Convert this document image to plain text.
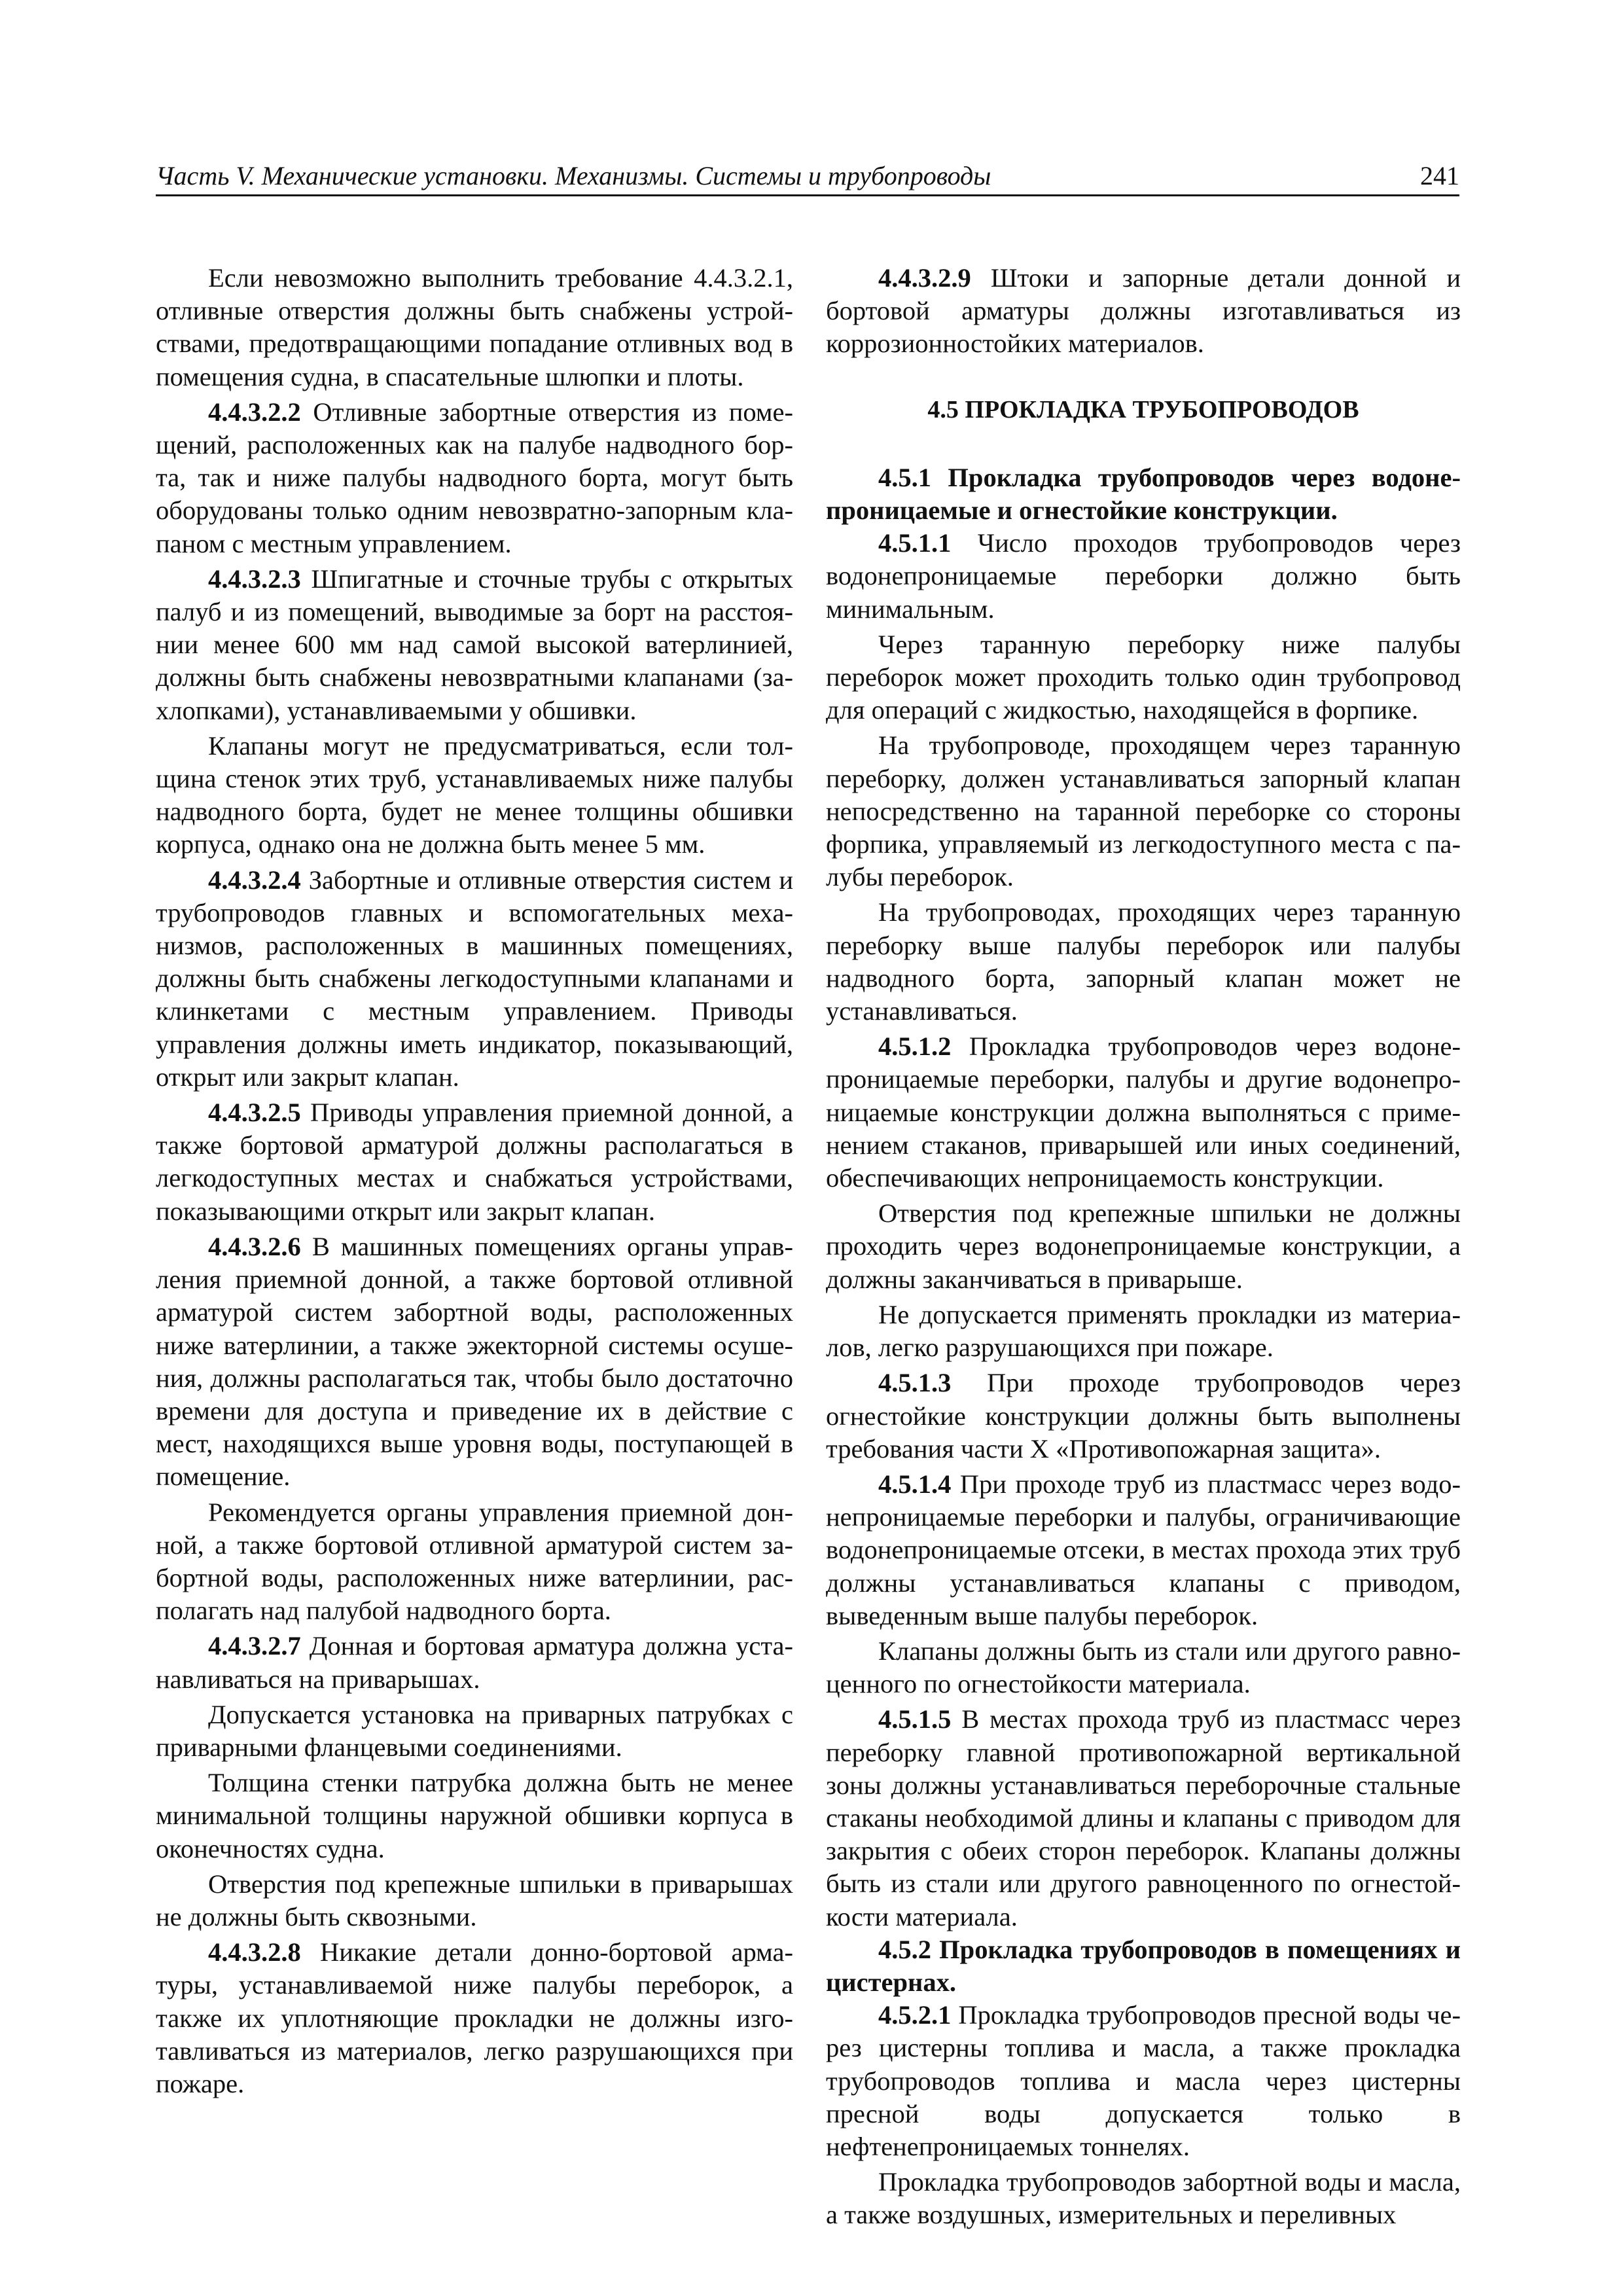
Часть V. Механические установки. Механизмы. Системы и трубопроводы	241

Если невозможно выполнить требование 4.4.3.2.1, отливные отверстия должны быть снабжены устройствами, предотвращающими попадание отливных вод в помещения судна, в спасательные шлюпки и плоты.

4.4.3.2.2 Отливные забортные отверстия из помещений, расположенных как на палубе надводного борта, так и ниже палубы надводного борта, могут быть оборудованы только одним невозвратно-запорным клапаном с местным управлением.

4.4.3.2.3 Шпигатные и сточные трубы с открытых палуб и из помещений, выводимые за борт на расстоянии менее 600 мм над самой высокой ватерлинией, должны быть снабжены невозвратными клапанами (захлопками), устанавливаемыми у обшивки.

Клапаны могут не предусматриваться, если толщина стенок этих труб, устанавливаемых ниже палубы надводного борта, будет не менее толщины обшивки корпуса, однако она не должна быть менее 5 мм.

4.4.3.2.4 Забортные и отливные отверстия систем и трубопроводов главных и вспомогательных механизмов, расположенных в машинных помещениях, должны быть снабжены легкодоступными клапанами и клинкетами с местным управлением. Приводы управления должны иметь индикатор, показывающий, открыт или закрыт клапан.

4.4.3.2.5 Приводы управления приемной донной, а также бортовой арматурой должны располагаться в легкодоступных местах и снабжаться устройствами, показывающими открыт или закрыт клапан.

4.4.3.2.6 В машинных помещениях органы управления приемной донной, а также бортовой отливной арматурой систем забортной воды, расположенных ниже ватерлинии, а также эжекторной системы осушения, должны располагаться так, чтобы было достаточно времени для доступа и приведение их в действие с мест, находящихся выше уровня воды, поступающей в помещение.

Рекомендуется органы управления приемной донной, а также бортовой отливной арматурой систем забортной воды, расположенных ниже ватерлинии, располагать над палубой надводного борта.

4.4.3.2.7 Донная и бортовая арматура должна устанавливаться на приварышах.

Допускается установка на приварных патрубках с приварными фланцевыми соединениями.

Толщина стенки патрубка должна быть не менее минимальной толщины наружной обшивки корпуса в оконечностях судна.

Отверстия под крепежные шпильки в приварышах не должны быть сквозными.

4.4.3.2.8 Никакие детали донно-бортовой арматуры, устанавливаемой ниже палубы переборок, а также их уплотняющие прокладки не должны изготавливаться из материалов, легко разрушающихся при пожаре.

4.4.3.2.9 Штоки и запорные детали донной и бортовой арматуры должны изготавливаться из коррозионностойких материалов.

4.5 ПРОКЛАДКА ТРУБОПРОВОДОВ

4.5.1 Прокладка трубопроводов через водонепроницаемые и огнестойкие конструкции.

4.5.1.1 Число проходов трубопроводов через водонепроницаемые переборки должно быть минимальным.

Через таранную переборку ниже палубы переборок может проходить только один трубопровод для операций с жидкостью, находящейся в форпике.

На трубопроводе, проходящем через таранную переборку, должен устанавливаться запорный клапан непосредственно на таранной переборке со стороны форпика, управляемый из легкодоступного места с палубы переборок.

На трубопроводах, проходящих через таранную переборку выше палубы переборок или палубы надводного борта, запорный клапан может не устанавливаться.

4.5.1.2 Прокладка трубопроводов через водонепроницаемые переборки, палубы и другие водонепроницаемые конструкции должна выполняться с применением стаканов, приварышей или иных соединений, обеспечивающих непроницаемость конструкции.

Отверстия под крепежные шпильки не должны проходить через водонепроницаемые конструкции, а должны заканчиваться в приварыше.

Не допускается применять прокладки из материалов, легко разрушающихся при пожаре.

4.5.1.3 При проходе трубопроводов через огнестойкие конструкции должны быть выполнены требования части X «Противопожарная защита».

4.5.1.4 При проходе труб из пластмасс через водонепроницаемые переборки и палубы, ограничивающие водонепроницаемые отсеки, в местах прохода этих труб должны устанавливаться клапаны с приводом, выведенным выше палубы переборок.

Клапаны должны быть из стали или другого равноценного по огнестойкости материала.

4.5.1.5 В местах прохода труб из пластмасс через переборку главной противопожарной вертикальной зоны должны устанавливаться переборочные стальные стаканы необходимой длины и клапаны с приводом для закрытия с обеих сторон переборок. Клапаны должны быть из стали или другого равноценного по огнестойкости материала.

4.5.2 Прокладка трубопроводов в помещениях и цистернах.

4.5.2.1 Прокладка трубопроводов пресной воды через цистерны топлива и масла, а также прокладка трубопроводов топлива и масла через цистерны пресной воды допускается только в нефтенепроницаемых тоннелях.

Прокладка трубопроводов забортной воды и масла, а также воздушных, измерительных и переливных
